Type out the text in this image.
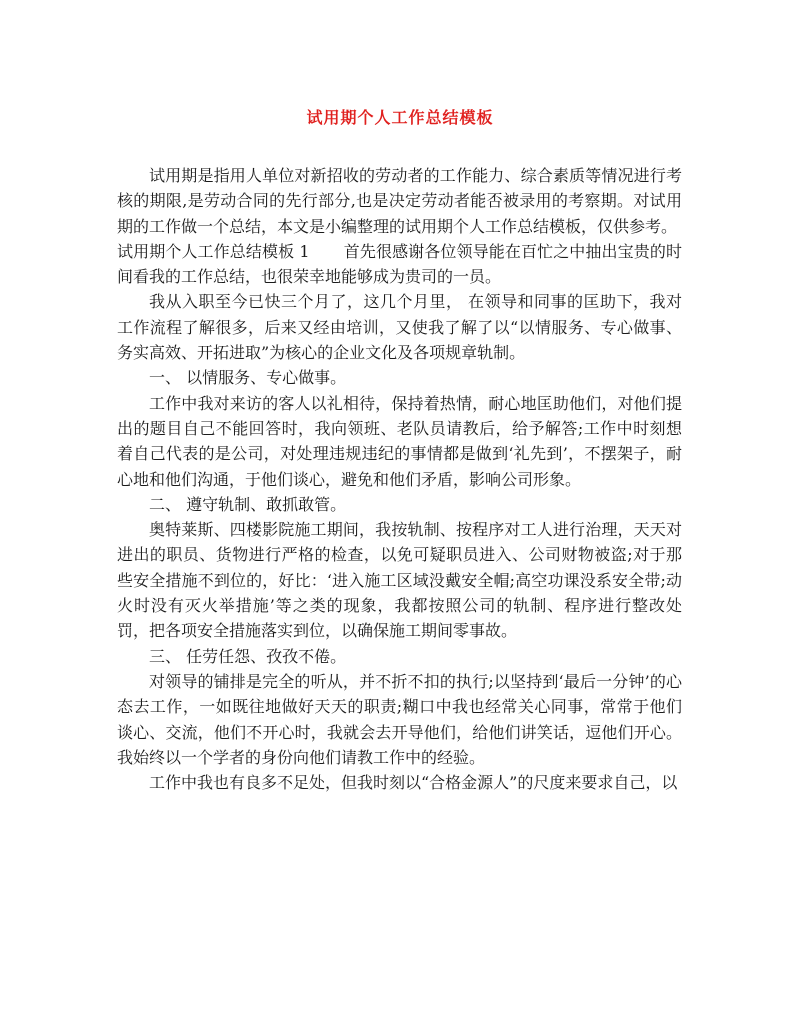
试用期个人工作总结模板

试用期是指用人单位对新招收的劳动者的工作能力、综合素质等情况进行考核的期限,是劳动合同的先行部分,也是决定劳动者能否被录用的考察期。对试用期的工作做一个总结，本文是小编整理的试用期个人工作总结模板，仅供参考。

试用期个人工作总结模板 1 首先很感谢各位领导能在百忙之中抽出宝贵的时间看我的工作总结，也很荣幸地能够成为贵司的一员。

我从入职至今已快三个月了，这几个月里， 在领导和同事的匡助下，我对工作流程了解很多，后来又经由培训，又使我了解了以“以情服务、专心做事、务实高效、开拓进取”为核心的企业文化及各项规章轨制。

一、 以情服务、专心做事。

工作中我对来访的客人以礼相待，保持着热情，耐心地匡助他们，对他们提出的题目自己不能回答时，我向领班、老队员请教后，给予解答;工作中时刻想着自己代表的是公司，对处理违规违纪的事情都是做到‘礼先到’，不摆架子，耐心地和他们沟通，于他们谈心，避免和他们矛盾，影响公司形象。

二、 遵守轨制、敢抓敢管。

奥特莱斯、四楼影院施工期间，我按轨制、按程序对工人进行治理，天天对进出的职员、货物进行严格的检查，以免可疑职员进入、公司财物被盗;对于那些安全措施不到位的，好比：‘进入施工区域没戴安全帽;高空功课没系安全带;动火时没有灭火举措施’等之类的现象，我都按照公司的轨制、程序进行整改处罚，把各项安全措施落实到位，以确保施工期间零事故。

三、 任劳任怨、孜孜不倦。

对领导的铺排是完全的听从，并不折不扣的执行;以坚持到‘最后一分钟’的心态去工作，一如既往地做好天天的职责;糊口中我也经常关心同事，常常于他们谈心、交流，他们不开心时，我就会去开导他们，给他们讲笑话，逗他们开心。我始终以一个学者的身份向他们请教工作中的经验。

工作中我也有良多不足处，但我时刻以“合格金源人”的尺度来要求自己，以
